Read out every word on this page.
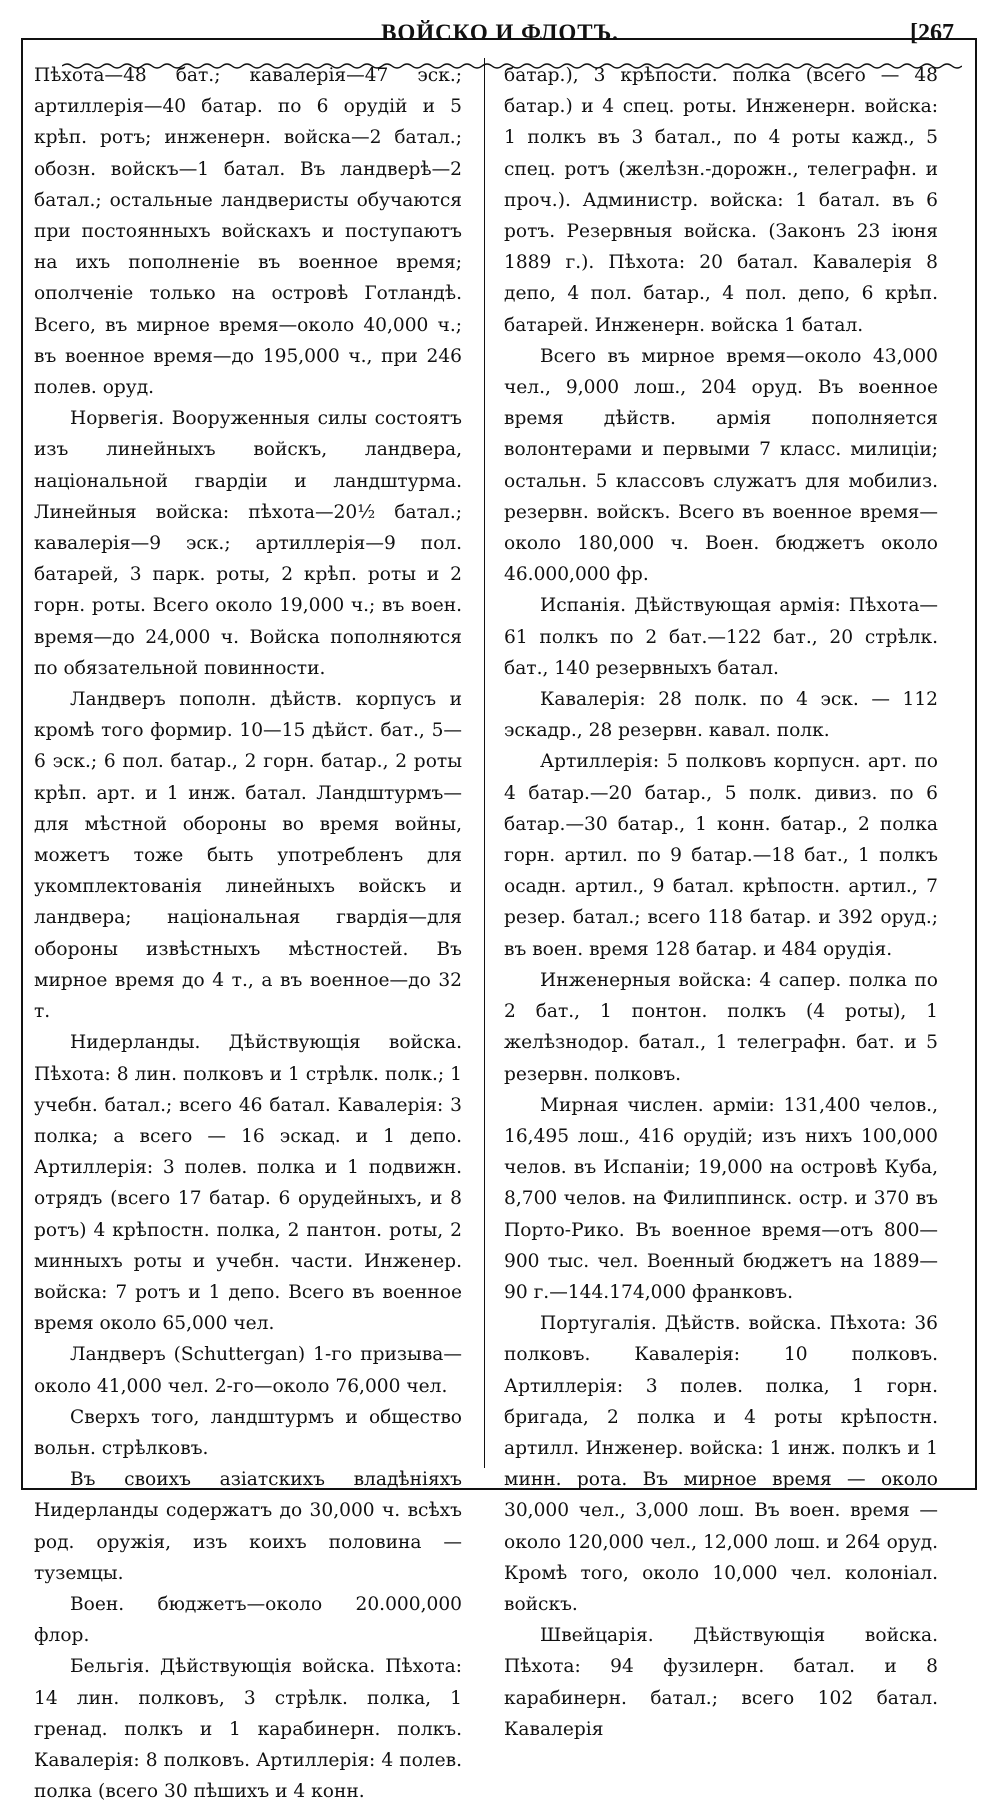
ВОЙСКО И ФЛОТЪ.	[267

Пѣхота—48 бат.; кавалерія—47 эск.; артиллерія—40 батар. по 6 орудій и 5 крѣп. ротъ; инженерн. войска—2 батал.; обозн. войскъ—1 батал. Въ ландверѣ—2 батал.; остальные ландверисты обучаются при постоянныхъ войскахъ и поступаютъ на ихъ пополненіе въ военное время; ополченіе только на островѣ Готландѣ. Всего, въ мирное время—около 40,000 ч.; въ военное время—до 195,000 ч., при 246 полев. оруд.

Норвегія. Вооруженныя силы состоятъ изъ линейныхъ войскъ, ландвера, національной гвардіи и ландштурма. Линейныя войска: пѣхота—20½ батал.; кавалерія—9 эск.; артиллерія—9 пол. батарей, 3 парк. роты, 2 крѣп. роты и 2 горн. роты. Всего около 19,000 ч.; въ воен. время—до 24,000 ч. Войска пополняются по обязательной повинности.

Ландверъ пополн. дѣйств. корпусъ и кромѣ того формир. 10—15 дѣйст. бат., 5—6 эск.; 6 пол. батар., 2 горн. батар., 2 роты крѣп. арт. и 1 инж. батал. Ландштурмъ—для мѣстной обороны во время войны, можетъ тоже быть употребленъ для укомплектованія линейныхъ войскъ и ландвера; національная гвардія—для обороны извѣстныхъ мѣстностей. Въ мирное время до 4 т., а въ военное—до 32 т.

Нидерланды. Дѣйствующія войска. Пѣхота: 8 лин. полковъ и 1 стрѣлк. полк.; 1 учебн. батал.; всего 46 батал. Кавалерія: 3 полка; а всего — 16 эскад. и 1 депо. Артиллерія: 3 полев. полка и 1 подвижн. отрядъ (всего 17 батар. 6 орудейныхъ, и 8 ротъ) 4 крѣпостн. полка, 2 пантон. роты, 2 минныхъ роты и учебн. части. Инженер. войска: 7 ротъ и 1 депо. Всего въ военное время около 65,000 чел.

Ландверъ (Schuttergan) 1-го призыва—около 41,000 чел. 2-го—около 76,000 чел.

Сверхъ того, ландштурмъ и общество вольн. стрѣлковъ.

Въ своихъ азіатскихъ владѣніяхъ Нидерланды содержатъ до 30,000 ч. всѣхъ род. оружія, изъ коихъ половина — туземцы.

Воен. бюджетъ—около 20.000,000 флор.

Бельгія. Дѣйствующія войска. Пѣхота: 14 лин. полковъ, 3 стрѣлк. полка, 1 гренад. полкъ и 1 карабинерн. полкъ. Кавалерія: 8 полковъ. Артиллерія: 4 полев. полка (всего 30 пѣшихъ и 4 конн.

батар.), 3 крѣпости. полка (всего — 48 батар.) и 4 спец. роты. Инженерн. войска: 1 полкъ въ 3 батал., по 4 роты кажд., 5 спец. ротъ (желѣзн.-дорожн., телеграфн. и проч.). Администр. войска: 1 батал. въ 6 ротъ. Резервныя войска. (Законъ 23 іюня 1889 г.). Пѣхота: 20 батал. Кавалерія 8 депо, 4 пол. батар., 4 пол. депо, 6 крѣп. батарей. Инженерн. войска 1 батал.

Всего въ мирное время—около 43,000 чел., 9,000 лош., 204 оруд. Въ военное время дѣйств. армія пополняется волонтерами и первыми 7 класс. милиціи; остальн. 5 классовъ служатъ для мобилиз. резервн. войскъ. Всего въ военное время—около 180,000 ч. Воен. бюджетъ около 46.000,000 фр.

Испанія. Дѣйствующая армія: Пѣхота—61 полкъ по 2 бат.—122 бат., 20 стрѣлк. бат., 140 резервныхъ батал.

Кавалерія: 28 полк. по 4 эск. — 112 эскадр., 28 резервн. кавал. полк.

Артиллерія: 5 полковъ корпусн. арт. по 4 батар.—20 батар., 5 полк. дивиз. по 6 батар.—30 батар., 1 конн. батар., 2 полка горн. артил. по 9 батар.—18 бат., 1 полкъ осадн. артил., 9 батал. крѣпостн. артил., 7 резер. батал.; всего 118 батар. и 392 оруд.; въ воен. время 128 батар. и 484 орудія.

Инженерныя войска: 4 сапер. полка по 2 бат., 1 понтон. полкъ (4 роты), 1 желѣзнодор. батал., 1 телеграфн. бат. и 5 резервн. полковъ.

Мирная числен. арміи: 131,400 челов., 16,495 лош., 416 орудій; изъ нихъ 100,000 челов. въ Испаніи; 19,000 на островѣ Куба, 8,700 челов. на Филиппинск. остр. и 370 въ Порто-Рико. Въ военное время—отъ 800—900 тыс. чел. Военный бюджетъ на 1889—90 г.—144.174,000 франковъ.

Португалія. Дѣйств. войска. Пѣхота: 36 полковъ. Кавалерія: 10 полковъ. Артиллерія: 3 полев. полка, 1 горн. бригада, 2 полка и 4 роты крѣпостн. артилл. Инженер. войска: 1 инж. полкъ и 1 минн. рота. Въ мирное время — около 30,000 чел., 3,000 лош. Въ воен. время — около 120,000 чел., 12,000 лош. и 264 оруд. Кромѣ того, около 10,000 чел. колоніал. войскъ.

Швейцарія. Дѣйствующія войска. Пѣхота: 94 фузилерн. батал. и 8 карабинерн. батал.; всего 102 батал. Кавалерія
